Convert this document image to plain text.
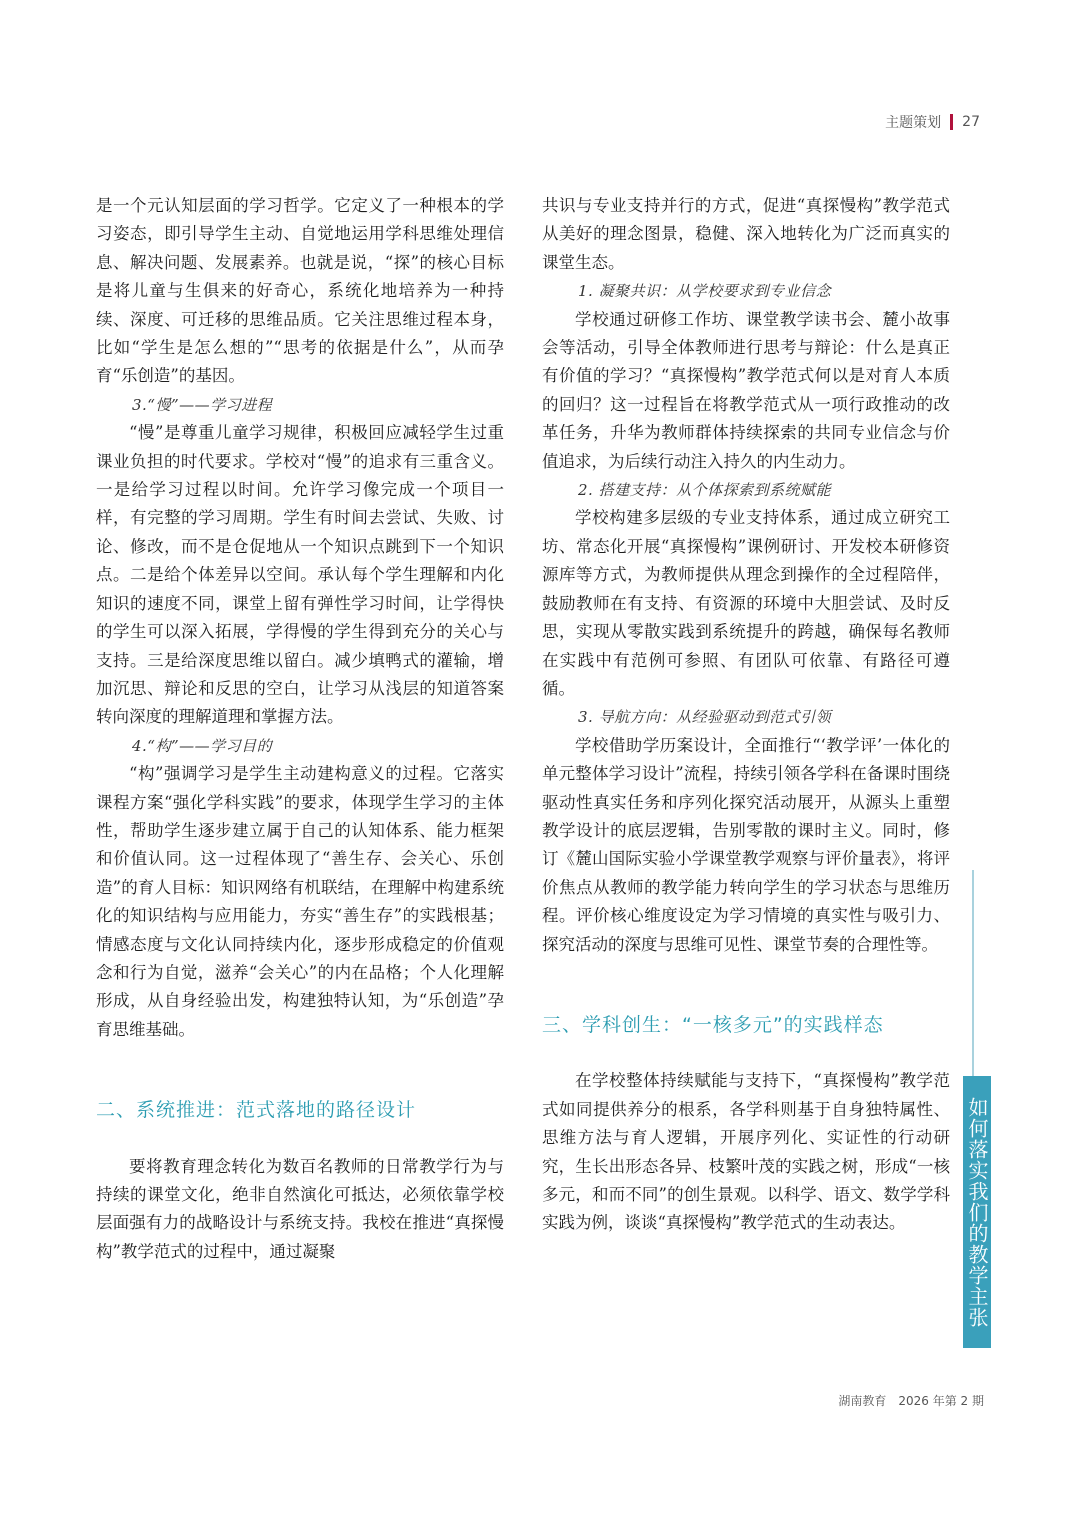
主题策划 27

是一个元认知层面的学习哲学。它定义了一种根本的学习姿态，即引导学生主动、自觉地运用学科思维处理信息、解决问题、发展素养。也就是说，“探”的核心目标是将儿童与生俱来的好奇心，系统化地培养为一种持续、深度、可迁移的思维品质。它关注思维过程本身，比如“学生是怎么想的”“思考的依据是什么”，从而孕育“乐创造”的基因。

3.“慢”——学习进程

“慢”是尊重儿童学习规律，积极回应减轻学生过重课业负担的时代要求。学校对“慢”的追求有三重含义。一是给学习过程以时间。允许学习像完成一个项目一样，有完整的学习周期。学生有时间去尝试、失败、讨论、修改，而不是仓促地从一个知识点跳到下一个知识点。二是给个体差异以空间。承认每个学生理解和内化知识的速度不同，课堂上留有弹性学习时间，让学得快的学生可以深入拓展，学得慢的学生得到充分的关心与支持。三是给深度思维以留白。减少填鸭式的灌输，增加沉思、辩论和反思的空白，让学习从浅层的知道答案转向深度的理解道理和掌握方法。

4.“构”——学习目的

“构”强调学习是学生主动建构意义的过程。它落实课程方案“强化学科实践”的要求，体现学生学习的主体性，帮助学生逐步建立属于自己的认知体系、能力框架和价值认同。这一过程体现了“善生存、会关心、乐创造”的育人目标：知识网络有机联结，在理解中构建系统化的知识结构与应用能力，夯实“善生存”的实践根基；情感态度与文化认同持续内化，逐步形成稳定的价值观念和行为自觉，滋养“会关心”的内在品格；个人化理解形成，从自身经验出发，构建独特认知，为“乐创造”孕育思维基础。

二、系统推进：范式落地的路径设计

要将教育理念转化为数百名教师的日常教学行为与持续的课堂文化，绝非自然演化可抵达，必须依靠学校层面强有力的战略设计与系统支持。我校在推进“真探慢构”教学范式的过程中，通过凝聚

共识与专业支持并行的方式，促进“真探慢构”教学范式从美好的理念图景，稳健、深入地转化为广泛而真实的课堂生态。

1. 凝聚共识：从学校要求到专业信念

学校通过研修工作坊、课堂教学读书会、麓小故事会等活动，引导全体教师进行思考与辩论：什么是真正有价值的学习？“真探慢构”教学范式何以是对育人本质的回归？这一过程旨在将教学范式从一项行政推动的改革任务，升华为教师群体持续探索的共同专业信念与价值追求，为后续行动注入持久的内生动力。

2. 搭建支持：从个体探索到系统赋能

学校构建多层级的专业支持体系，通过成立研究工坊、常态化开展“真探慢构”课例研讨、开发校本研修资源库等方式，为教师提供从理念到操作的全过程陪伴，鼓励教师在有支持、有资源的环境中大胆尝试、及时反思，实现从零散实践到系统提升的跨越，确保每名教师在实践中有范例可参照、有团队可依靠、有路径可遵循。

3. 导航方向：从经验驱动到范式引领

学校借助学历案设计，全面推行“‘教学评’一体化的单元整体学习设计”流程，持续引领各学科在备课时围绕驱动性真实任务和序列化探究活动展开，从源头上重塑教学设计的底层逻辑，告别零散的课时主义。同时，修订《麓山国际实验小学课堂教学观察与评价量表》，将评价焦点从教师的教学能力转向学生的学习状态与思维历程。评价核心维度设定为学习情境的真实性与吸引力、探究活动的深度与思维可见性、课堂节奏的合理性等。

三、学科创生：“一核多元”的实践样态

在学校整体持续赋能与支持下，“真探慢构”教学范式如同提供养分的根系，各学科则基于自身独特属性、思维方法与育人逻辑，开展序列化、实证性的行动研究，生长出形态各异、枝繁叶茂的实践之树，形成“一核多元，和而不同”的创生景观。以科学、语文、数学学科实践为例，谈谈“真探慢构”教学范式的生动表达。	如何落实我们的教学主张
湖南教育　2026 年第 2 期
